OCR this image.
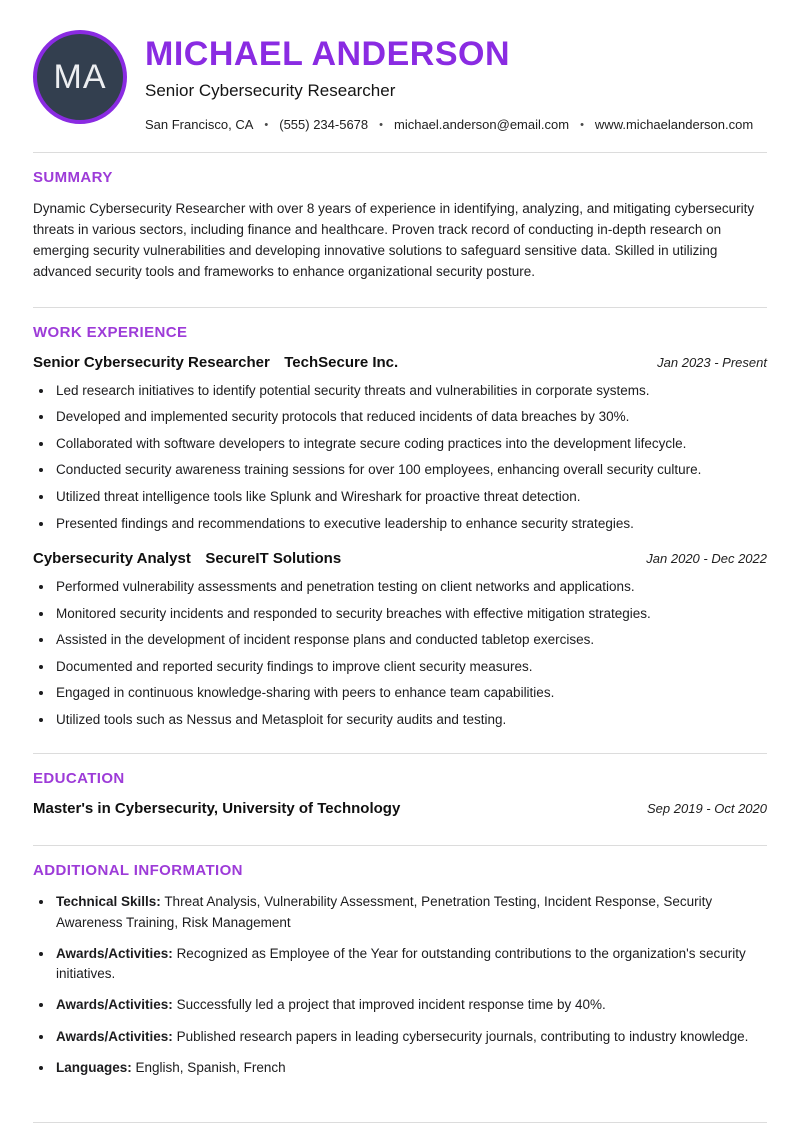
MA
MICHAEL ANDERSON

Senior Cybersecurity Researcher

San Francisco, CA • (555) 234-5678 • michael.anderson@email.com • www.michaelanderson.com
SUMMARY

Dynamic Cybersecurity Researcher with over 8 years of experience in identifying, analyzing, and mitigating cybersecurity threats in various sectors, including finance and healthcare. Proven track record of conducting in-depth research on emerging security vulnerabilities and developing innovative solutions to safeguard sensitive data. Skilled in utilizing advanced security tools and frameworks to enhance organizational security posture.

WORK EXPERIENCE
Senior Cybersecurity Researcher TechSecure Inc.	Jan 2023 - Present
• Led research initiatives to identify potential security threats and vulnerabilities in corporate systems.
• Developed and implemented security protocols that reduced incidents of data breaches by 30%.
• Collaborated with software developers to integrate secure coding practices into the development lifecycle.
• Conducted security awareness training sessions for over 100 employees, enhancing overall security culture.
• Utilized threat intelligence tools like Splunk and Wireshark for proactive threat detection.
• Presented findings and recommendations to executive leadership to enhance security strategies.
Cybersecurity Analyst SecureIT Solutions	Jan 2020 - Dec 2022
• Performed vulnerability assessments and penetration testing on client networks and applications.
• Monitored security incidents and responded to security breaches with effective mitigation strategies.
• Assisted in the development of incident response plans and conducted tabletop exercises.
• Documented and reported security findings to improve client security measures.
• Engaged in continuous knowledge-sharing with peers to enhance team capabilities.
• Utilized tools such as Nessus and Metasploit for security audits and testing.
EDUCATION
Master's in Cybersecurity, University of Technology	Sep 2019 - Oct 2020
ADDITIONAL INFORMATION
• Technical Skills: Threat Analysis, Vulnerability Assessment, Penetration Testing, Incident Response, Security Awareness Training, Risk Management
• Awards/Activities: Recognized as Employee of the Year for outstanding contributions to the organization's security initiatives.
• Awards/Activities: Successfully led a project that improved incident response time by 40%.
• Awards/Activities: Published research papers in leading cybersecurity journals, contributing to industry knowledge.
• Languages: English, Spanish, French
